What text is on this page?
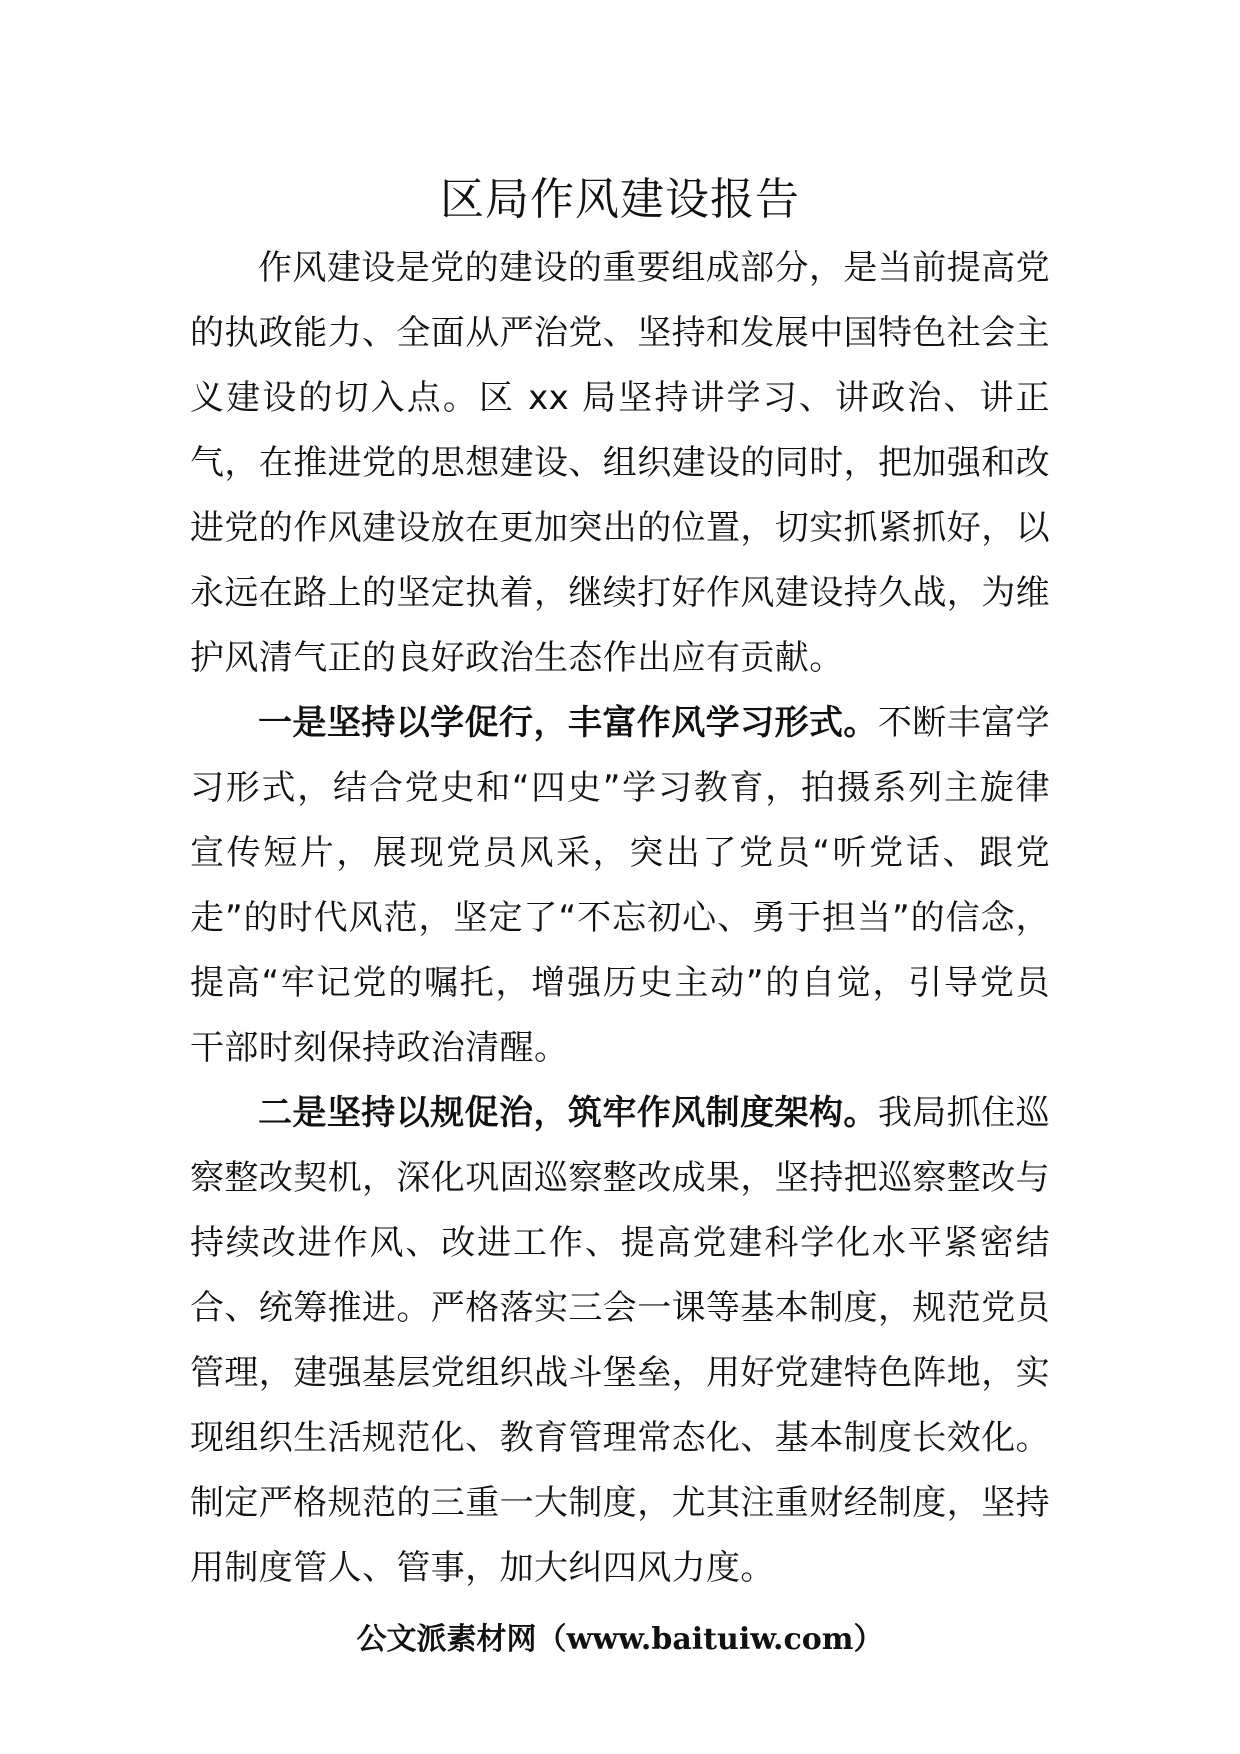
区局作风建设报告

作风建设是党的建设的重要组成部分，是当前提高党的执政能力、全面从严治党、坚持和发展中国特色社会主义建设的切入点。区 xx 局坚持讲学习、讲政治、讲正气，在推进党的思想建设、组织建设的同时，把加强和改进党的作风建设放在更加突出的位置，切实抓紧抓好，以永远在路上的坚定执着，继续打好作风建设持久战，为维护风清气正的良好政治生态作出应有贡献。

一是坚持以学促行，丰富作风学习形式。不断丰富学习形式，结合党史和“四史”学习教育，拍摄系列主旋律宣传短片，展现党员风采，突出了党员“听党话、跟党走”的时代风范，坚定了“不忘初心、勇于担当”的信念，提高“牢记党的嘱托，增强历史主动”的自觉，引导党员干部时刻保持政治清醒。

二是坚持以规促治，筑牢作风制度架构。我局抓住巡察整改契机，深化巩固巡察整改成果，坚持把巡察整改与持续改进作风、改进工作、提高党建科学化水平紧密结合、统筹推进。严格落实三会一课等基本制度，规范党员管理，建强基层党组织战斗堡垒，用好党建特色阵地，实现组织生活规范化、教育管理常态化、基本制度长效化。制定严格规范的三重一大制度，尤其注重财经制度，坚持用制度管人、管事，加大纠四风力度。

公文派素材网（www.baituiw.com）
